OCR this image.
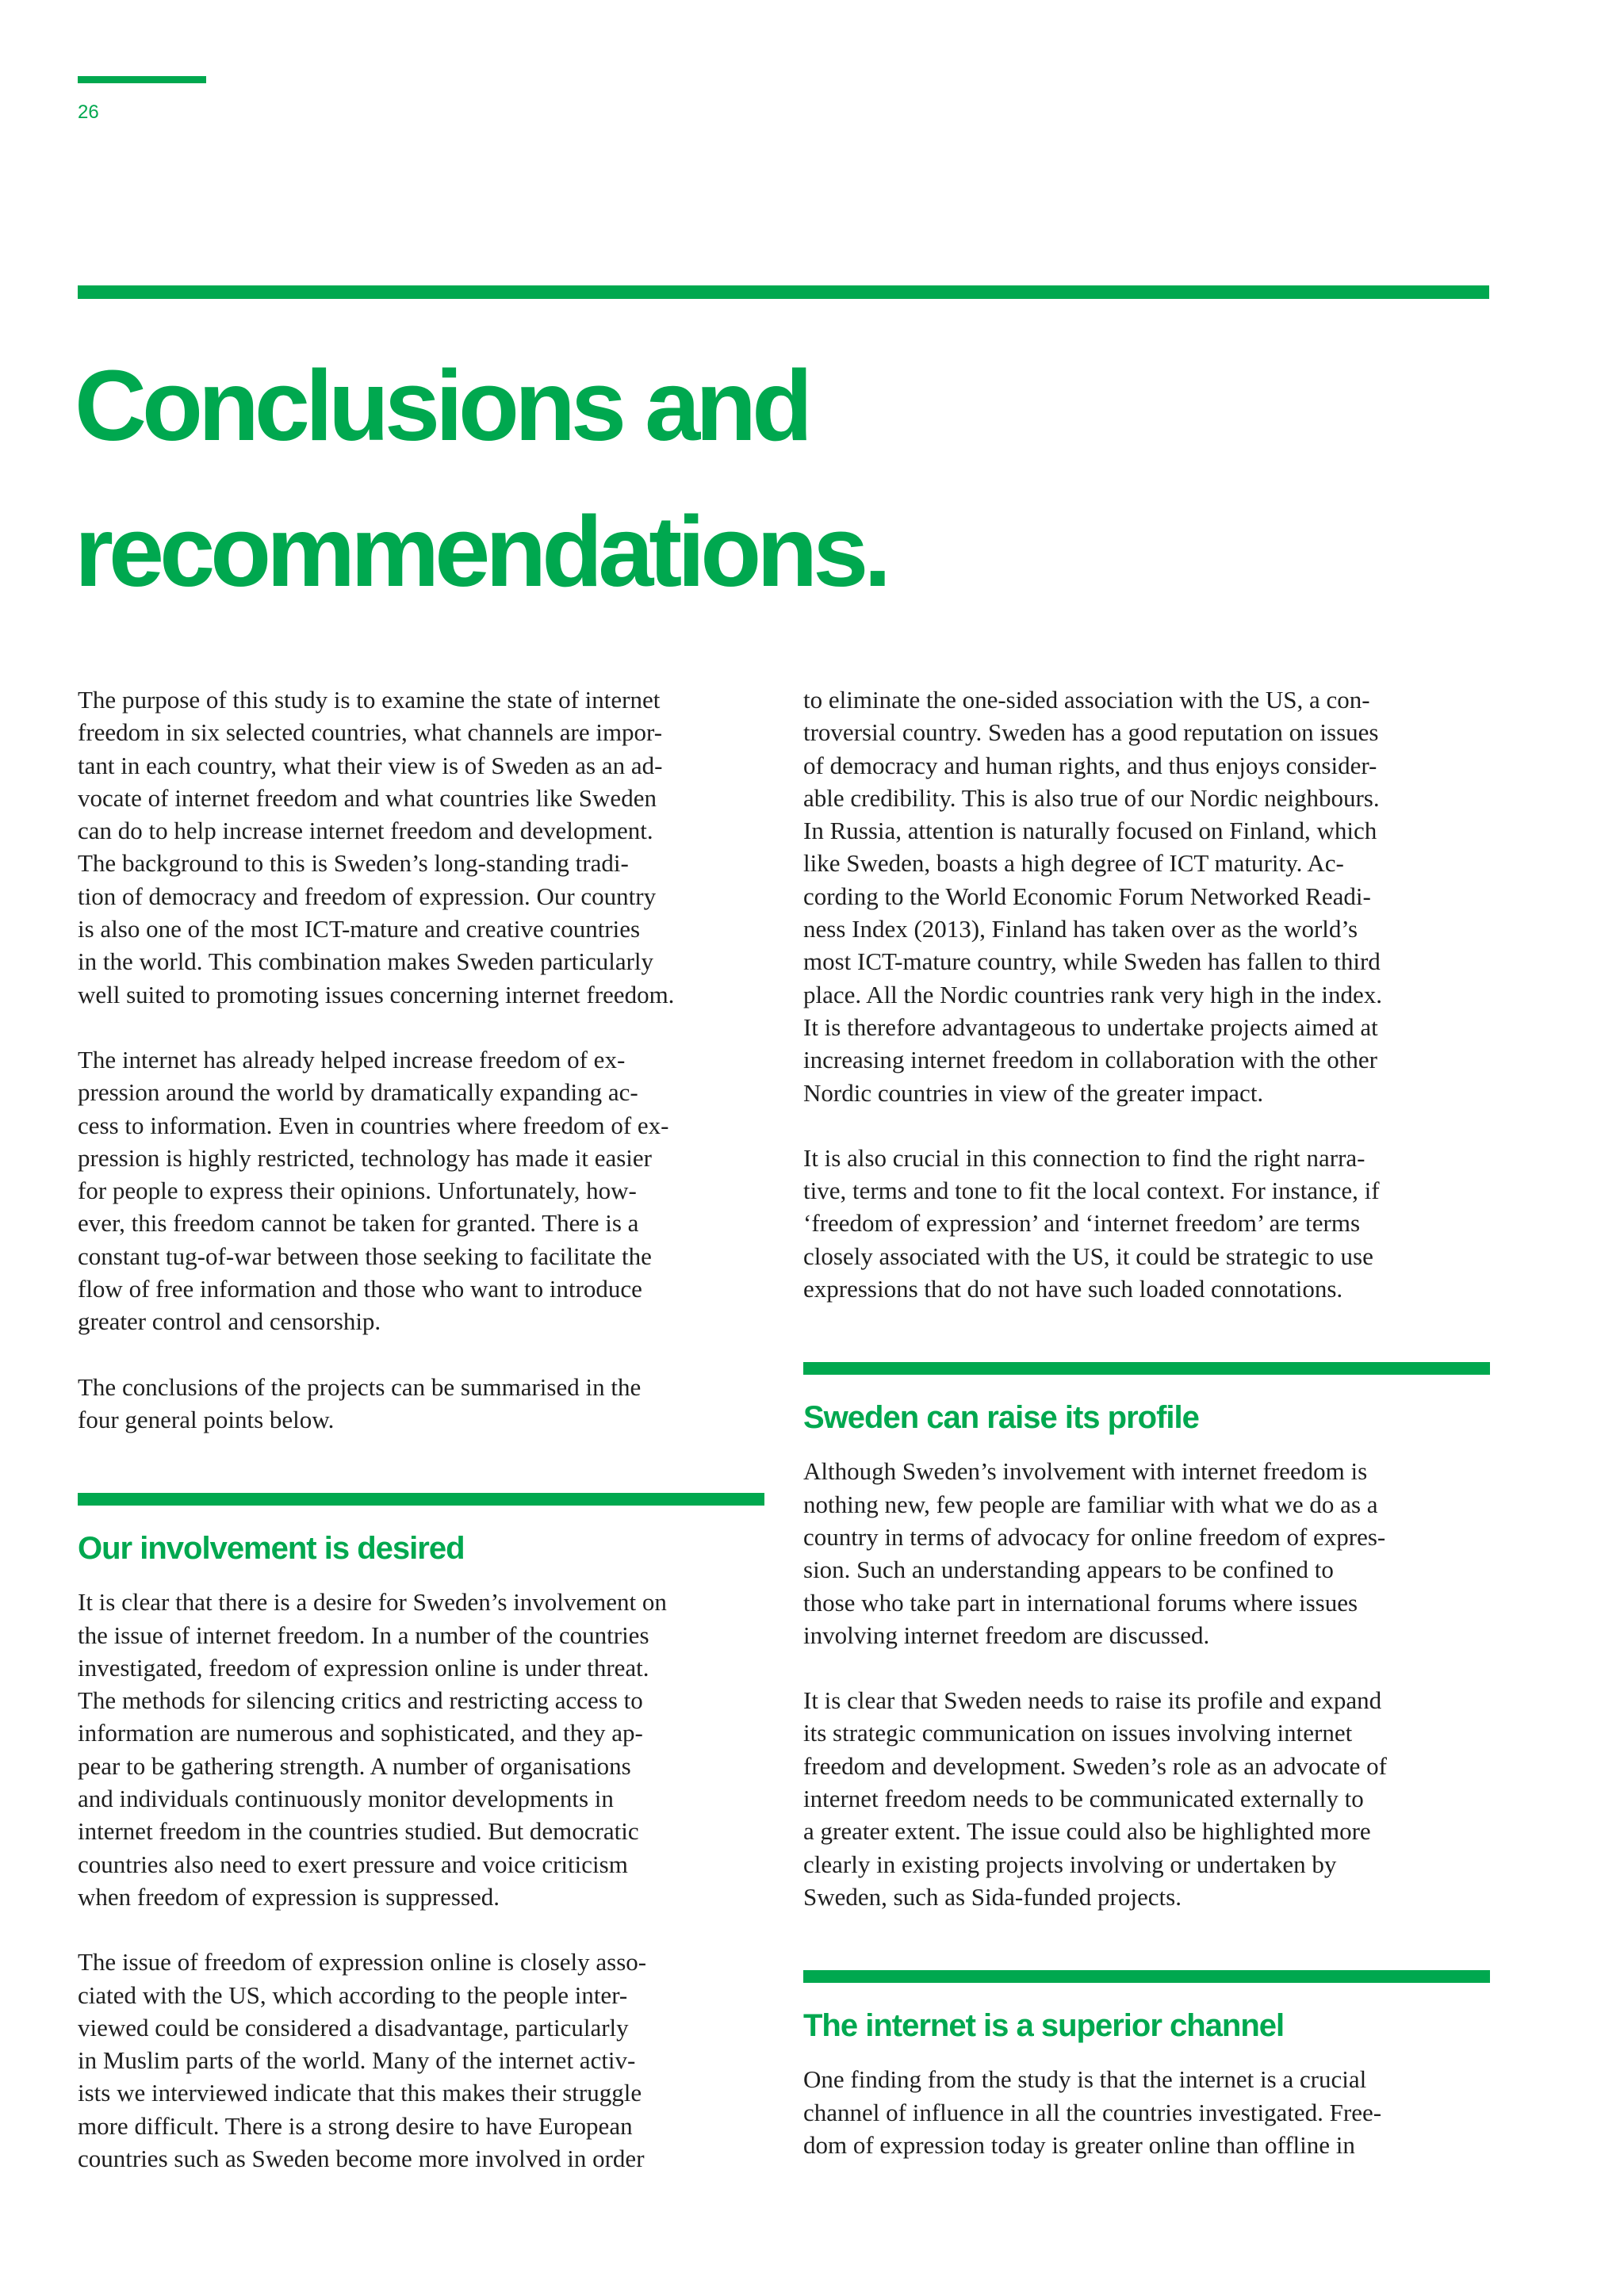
26
Conclusions and recommendations.

The purpose of this study is to examine the state of internet
freedom in six selected countries, what channels are impor-
tant in each country, what their view is of Sweden as an ad-
vocate of internet freedom and what countries like Sweden
can do to help increase internet freedom and development.
The background to this is Sweden’s long-standing tradi-
tion of democracy and freedom of expression. Our country
is also one of the most ICT-mature and creative countries
in the world. This combination makes Sweden particularly
well suited to promoting issues concerning internet freedom.

The internet has already helped increase freedom of ex-
pression around the world by dramatically expanding ac-
cess to information. Even in countries where freedom of ex-
pression is highly restricted, technology has made it easier
for people to express their opinions. Unfortunately, how-
ever, this freedom cannot be taken for granted. There is a
constant tug-of-war between those seeking to facilitate the
flow of free information and those who want to introduce
greater control and censorship.

The conclusions of the projects can be summarised in the
four general points below.

Our involvement is desired

It is clear that there is a desire for Sweden’s involvement on
the issue of internet freedom. In a number of the countries
investigated, freedom of expression online is under threat.
The methods for silencing critics and restricting access to
information are numerous and sophisticated, and they ap-
pear to be gathering strength. A number of organisations
and individuals continuously monitor developments in
internet freedom in the countries studied. But democratic
countries also need to exert pressure and voice criticism
when freedom of expression is suppressed.

The issue of freedom of expression online is closely asso-
ciated with the US, which according to the people inter-
viewed could be considered a disadvantage, particularly
in Muslim parts of the world. Many of the internet activ-
ists we interviewed indicate that this makes their struggle
more difficult. There is a strong desire to have European
countries such as Sweden become more involved in order

to eliminate the one-sided association with the US, a con-
troversial country. Sweden has a good reputation on issues
of democracy and human rights, and thus enjoys consider-
able credibility. This is also true of our Nordic neighbours.
In Russia, attention is naturally focused on Finland, which
like Sweden, boasts a high degree of ICT maturity. Ac-
cording to the World Economic Forum Networked Readi-
ness Index (2013), Finland has taken over as the world’s
most ICT-mature country, while Sweden has fallen to third
place. All the Nordic countries rank very high in the index.
It is therefore advantageous to undertake projects aimed at
increasing internet freedom in collaboration with the other
Nordic countries in view of the greater impact.

It is also crucial in this connection to find the right narra-
tive, terms and tone to fit the local context. For instance, if
‘freedom of expression’ and ‘internet freedom’ are terms
closely associated with the US, it could be strategic to use
expressions that do not have such loaded connotations.

Sweden can raise its profile

Although Sweden’s involvement with internet freedom is
nothing new, few people are familiar with what we do as a
country in terms of advocacy for online freedom of expres-
sion. Such an understanding appears to be confined to
those who take part in international forums where issues
involving internet freedom are discussed.

It is clear that Sweden needs to raise its profile and expand
its strategic communication on issues involving internet
freedom and development. Sweden’s role as an advocate of
internet freedom needs to be communicated externally to
a greater extent. The issue could also be highlighted more
clearly in existing projects involving or undertaken by
Sweden, such as Sida-funded projects.

The internet is a superior channel

One finding from the study is that the internet is a crucial
channel of influence in all the countries investigated. Free-
dom of expression today is greater online than offline in
